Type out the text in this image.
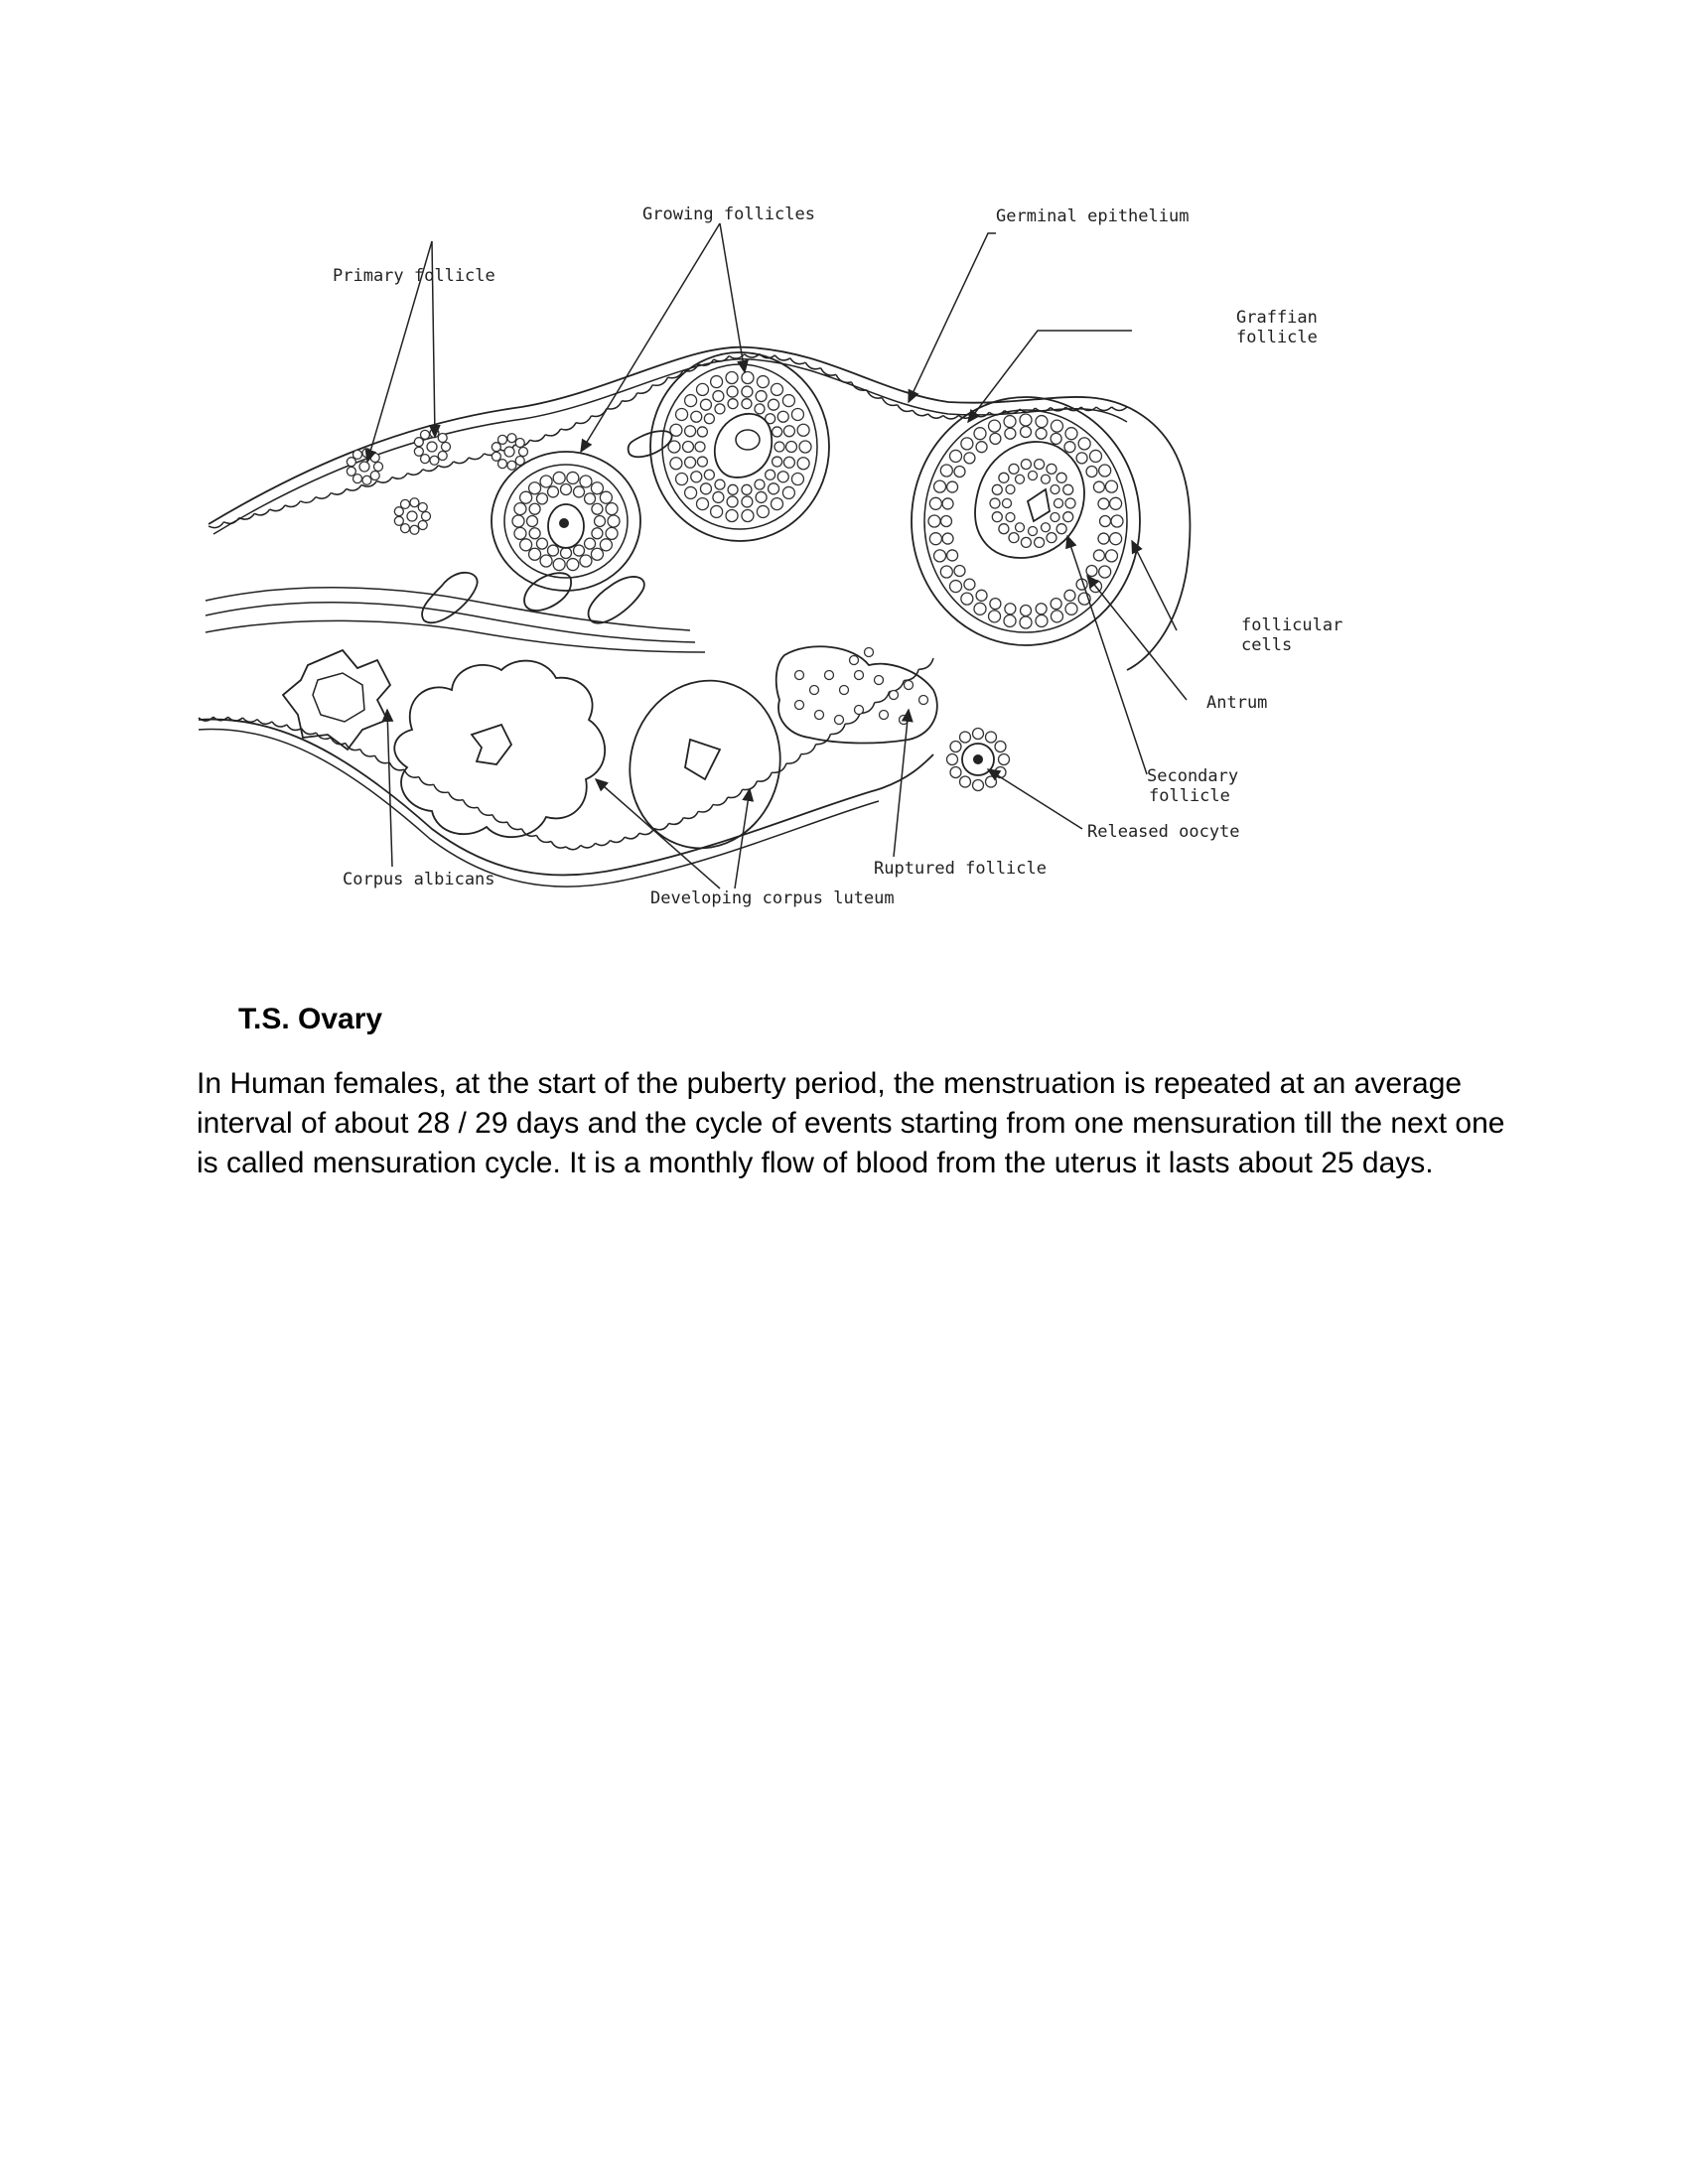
Growing follicles	Germinal epithelium
Primary follicle
Graffian
follicle
follicular
cells
Antrum
Secondary
follicle
Released oocyte
Ruptured follicle
Corpus albicans
Developing corpus luteum
T.S. Ovary

In Human females, at the start of the puberty period, the menstruation is repeated at an average interval of about 28 / 29 days and the cycle of events starting from one mensuration till the next one is called mensuration cycle. It is a monthly flow of blood from the uterus it lasts about 25 days.
